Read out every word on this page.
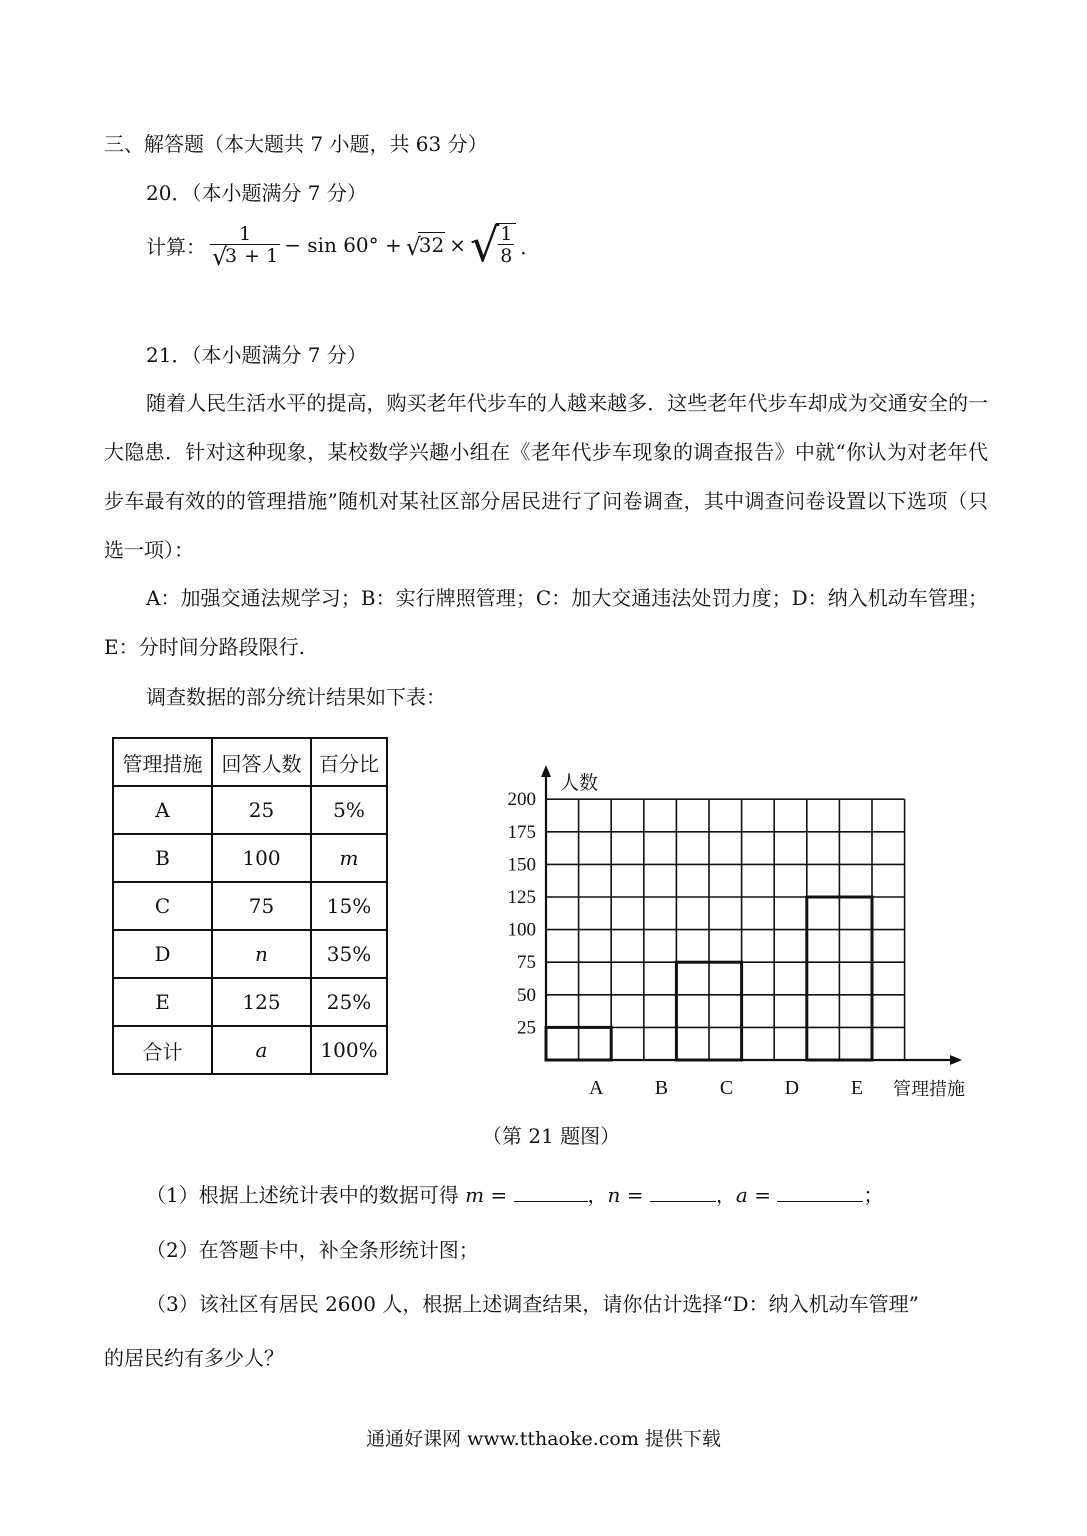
三、解答题（本大题共 7 小题，共 63 分）
20．（本小题满分 7 分）
计算： 1
√
3 + 1 − sin 60° + √
32 × √ $\frac{1}{8}$ ．
21．（本小题满分 7 分）
随着人民生活水平的提高，购买老年代步车的人越来越多．这些老年代步车却成为交通安全的一大隐患．针对这种现象，某校数学兴趣小组在《老年代步车现象的调查报告》中就“你认为对老年代步车最有效的的管理措施”随机对某社区部分居民进行了问卷调查，其中调查问卷设置以下选项（只选一项）：
A：加强交通法规学习；B：实行牌照管理；C：加大交通违法处罚力度；D：纳入机动车管理；E：分时间分路段限行.
调查数据的部分统计结果如下表：
管理措施	回答人数	百分比
A	25	5%
B	100	m
C	75	15%
D	n	35%
E	125	25%
合计	a	100%
25
50
75
100
125
150
175
200
人数
管理措施
A	B	C	D	E
（第 21 题图）
（1）根据上述统计表中的数据可得 m =	，n =	，a =	；
（2）在答题卡中，补全条形统计图；
（3）该社区有居民 2600 人，根据上述调查结果，请你估计选择“D：纳入机动车管理”
的居民约有多少人？
通通好课网 www.tthaoke.com 提供下载
